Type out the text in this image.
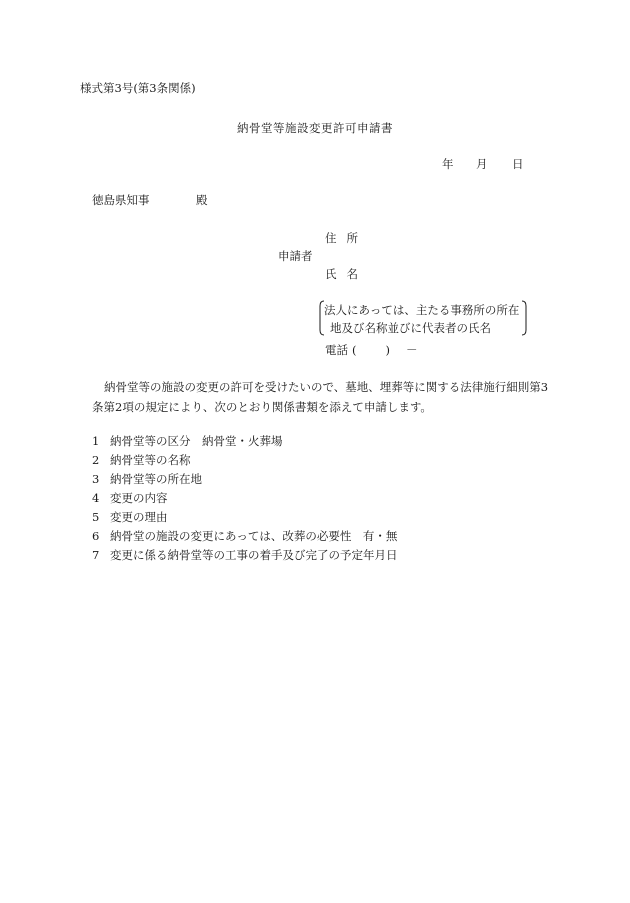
様式第3号(第3条関係)
納骨堂等施設変更許可申請書
年 月 日
徳島県知事	殿
住所
申請者
氏名
法人にあっては、主たる事務所の所在
地及び名称並びに代表者の氏名
電話 (　　) －
納骨堂等の施設の変更の許可を受けたいので、墓地、埋葬等に関する法律施行細則第3条第2項の規定により、次のとおり関係書類を添えて申請します。
1 納骨堂等の区分　納骨堂・火葬場
2 納骨堂等の名称
3 納骨堂等の所在地
4 変更の内容
5 変更の理由
6 納骨堂の施設の変更にあっては、改葬の必要性　有・無
7 変更に係る納骨堂等の工事の着手及び完了の予定年月日
